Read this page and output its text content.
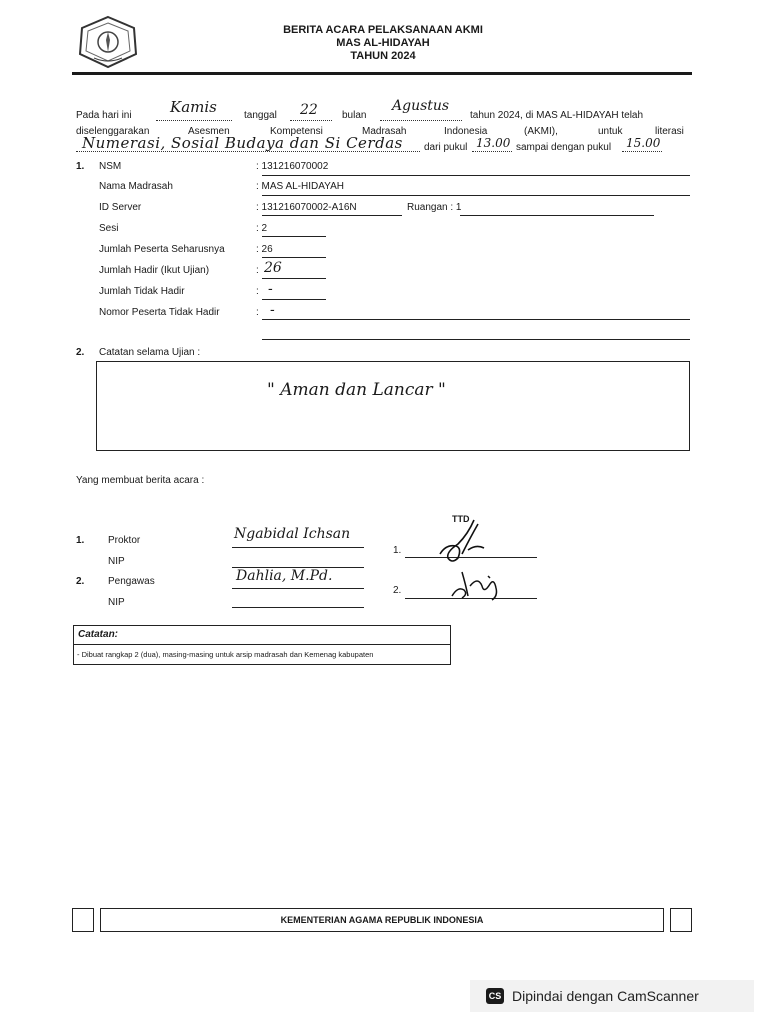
BERITA ACARA PELAKSANAAN AKMI
MAS AL-HIDAYAH
TAHUN 2024
Pada hari ini	Kamis	tanggal 22 bulan
Agustus
tahun 2024, di MAS AL-HIDAYAH telah
diselenggarakan	Asesmen	Kompetensi	Madrasah	Indonesia	(AKMI),	untuk	literasi
Numerasi, Sosial Budaya dan Si Cerdas dari pukul 13.00 sampai dengan pukul 15.00
1. NSM	: 131216070002
Nama Madrasah	: MAS AL-HIDAYAH
ID Server	: 131216070002-A16N	Ruangan : 1
Sesi	: 2
Jumlah Peserta Seharusnya	: 26
Jumlah Hadir (Ikut Ujian)	: 26
Jumlah Tidak Hadir	: -
Nomor Peserta Tidak Hadir	: -
2. Catatan selama Ujian :
" Aman dan Lancar "
Yang membuat berita acara :
TTD
1. Proktor	Ngabidal Ichsan
NIP
2. Pengawas	Dahlia, M.Pd.
NIP
1.
2.
Catatan:
- Dibuat rangkap 2 (dua), masing-masing untuk arsip madrasah dan Kemenag kabupaten
KEMENTERIAN AGAMA REPUBLIK INDONESIA
CS Dipindai dengan CamScanner
